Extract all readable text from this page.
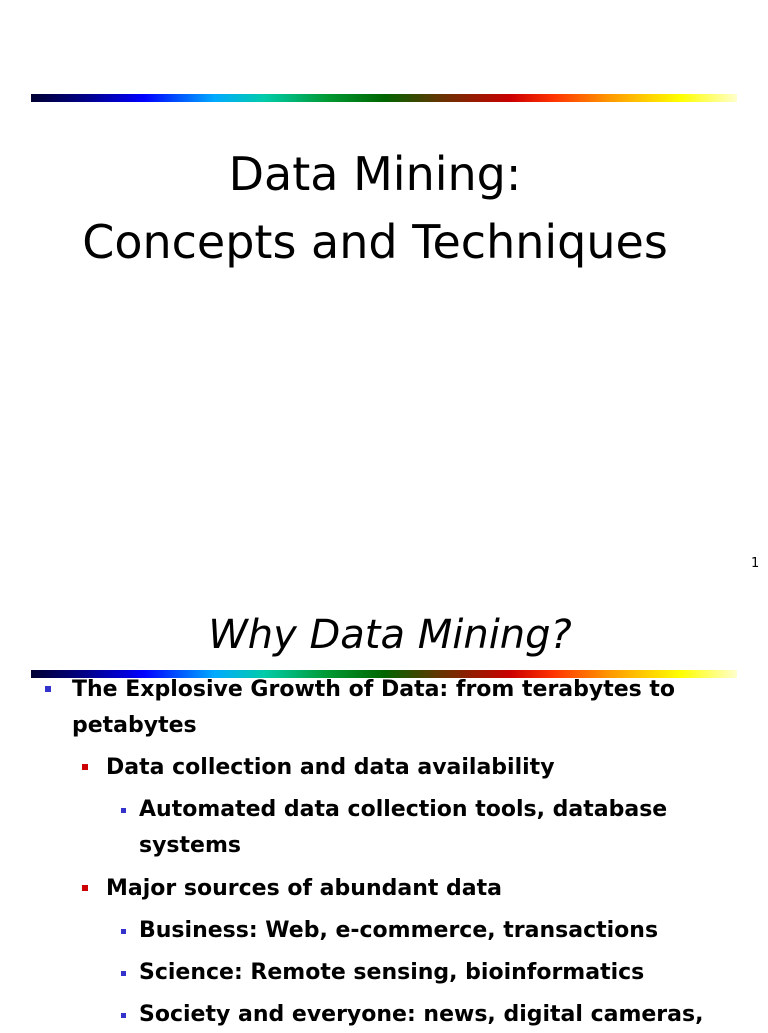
Data Mining:
Concepts and Techniques
1
Why Data Mining?
The Explosive Growth of Data: from terabytes to
petabytes
Data collection and data availability
Automated data collection tools, database
systems
Major sources of abundant data
Business: Web, e-commerce, transactions
Science: Remote sensing, bioinformatics
Society and everyone: news, digital cameras,
